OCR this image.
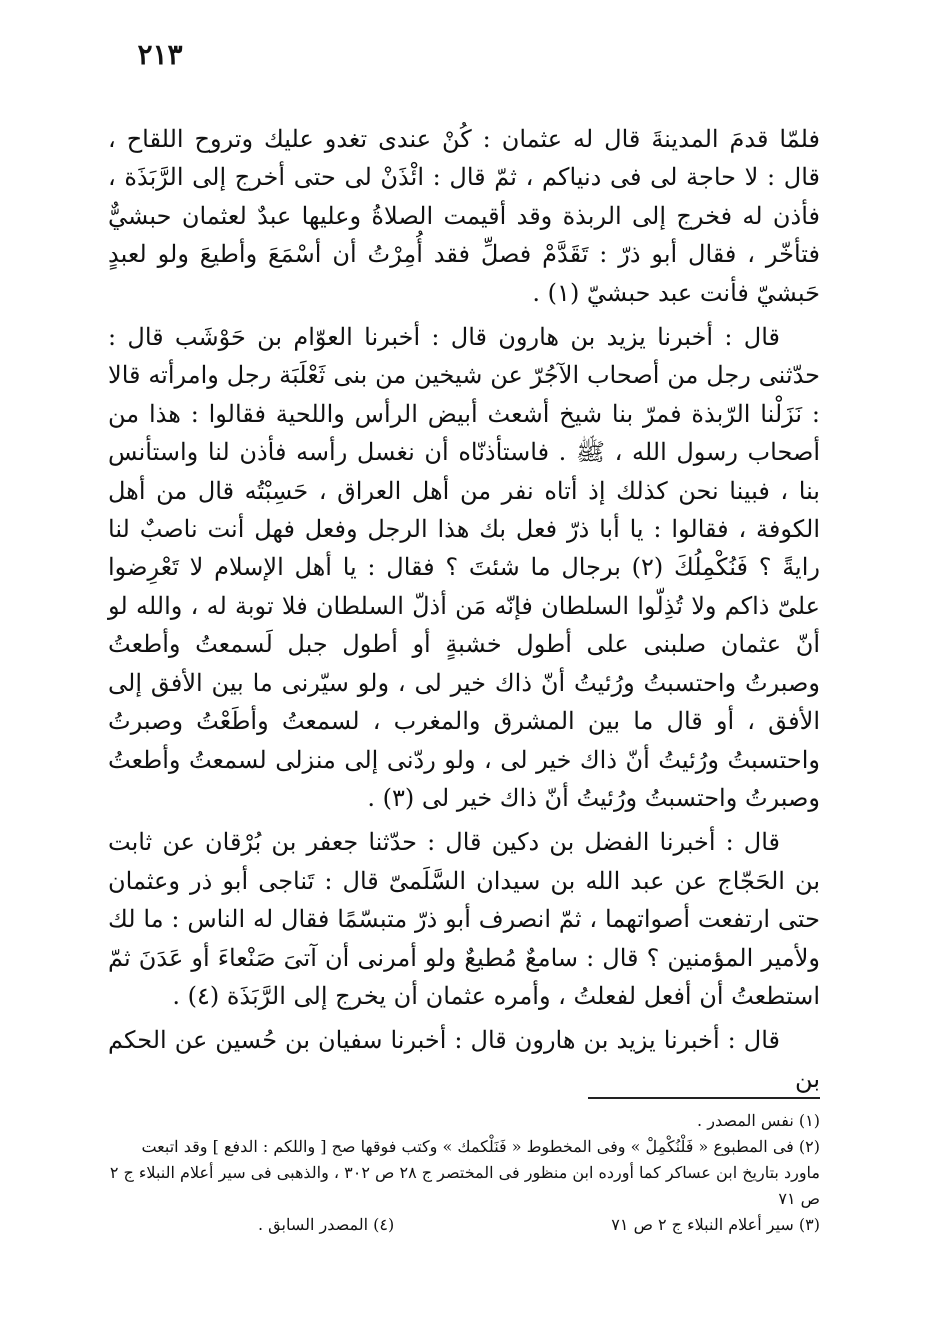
٢١٣

فلمّا قدمَ المدينةَ قال له عثمان : كُنْ عندى تغدو عليك وتروح اللقاح ، قال : لا حاجة لى فى دنياكم ، ثمّ قال : ائْذَنْ لى حتى أخرج إلى الرَّبَذَة ، فأذن له فخرج إلى الربذة وقد أقيمت الصلاةُ وعليها عبدٌ لعثمان حبشيٌّ فتأخّر ، فقال أبو ذرّ : تَقَدَّمْ فصلِّ فقد أُمِرْتُ أن أسْمَعَ وأطيعَ ولو لعبدٍ حَبشيّ فأنت عبد حبشيّ (١) .

قال : أخبرنا يزيد بن هارون قال : أخبرنا العوّام بن حَوْشَب قال : حدّثنى رجل من أصحاب الآجُرّ عن شيخين من بنى ثَعْلَبَة رجل وامرأته قالا : نَزَلْنا الرّبذة فمرّ بنا شيخ أشعث أبيض الرأس واللحية فقالوا : هذا من أصحاب رسول الله ، ﷺ . فاستأذنّاه أن نغسل رأسه فأذن لنا واستأنس بنا ، فبينا نحن كذلك إذ أتاه نفر من أهل العراق ، حَسِبْتُه قال من أهل الكوفة ، فقالوا : يا أبا ذرّ فعل بك هذا الرجل وفعل فهل أنت ناصبٌ لنا رايةً ؟ فَنُكْمِلُكَ (٢) برجال ما شئتَ ؟ فقال : يا أهل الإسلام لا تَعْرِضوا علىّ ذاكم ولا تُذِلّوا السلطان فإنّه مَن أذلّ السلطان فلا توبة له ، والله لو أنّ عثمان صلبنى على أطول خشبةٍ أو أطول جبل لَسمعتُ وأطعتُ وصبرتُ واحتسبتُ ورُئيتُ أنّ ذاك خير لى ، ولو سيّرنى ما بين الأفق إلى الأفق ، أو قال ما بين المشرق والمغرب ، لسمعتُ وأطَعْتُ وصبرتُ واحتسبتُ ورُئيتُ أنّ ذاك خير لى ، ولو ردّنى إلى منزلى لسمعتُ وأطعتُ وصبرتُ واحتسبتُ ورُئيتُ أنّ ذاك خير لى (٣) .

قال : أخبرنا الفضل بن دكين قال : حدّثنا جعفر بن بُرْقان عن ثابت بن الحَجّاج عن عبد الله بن سيدان السَّلَمىّ قال : تَناجى أبو ذر وعثمان حتى ارتفعت أصواتهما ، ثمّ انصرف أبو ذرّ متبسّمًا فقال له الناس : ما لك ولأمير المؤمنين ؟ قال : سامعٌ مُطيعٌ ولو أمرنى أن آتىَ صَنْعاءَ أو عَدَنَ ثمّ استطعتُ أن أفعل لفعلتُ ، وأمره عثمان أن يخرج إلى الرَّبَذَة (٤) .

قال : أخبرنا يزيد بن هارون قال : أخبرنا سفيان بن حُسين عن الحكم بن

(١) نفس المصدر .

(٢) فى المطبوع « فَلْنُكْمِلْ » وفى المخطوط « فَنَلْكمك » وكتب فوقها صح [ واللكم : الدفع ] وقد اتبعت ماورد بتاريخ ابن عساكر كما أورده ابن منظور فى المختصر ج ٢٨ ص ٣٠٢ ، والذهبى فى سير أعلام النبلاء ج ٢ ص ٧١

(٣) سير أعلام النبلاء ج ٢ ص ٧١

(٤) المصدر السابق .
